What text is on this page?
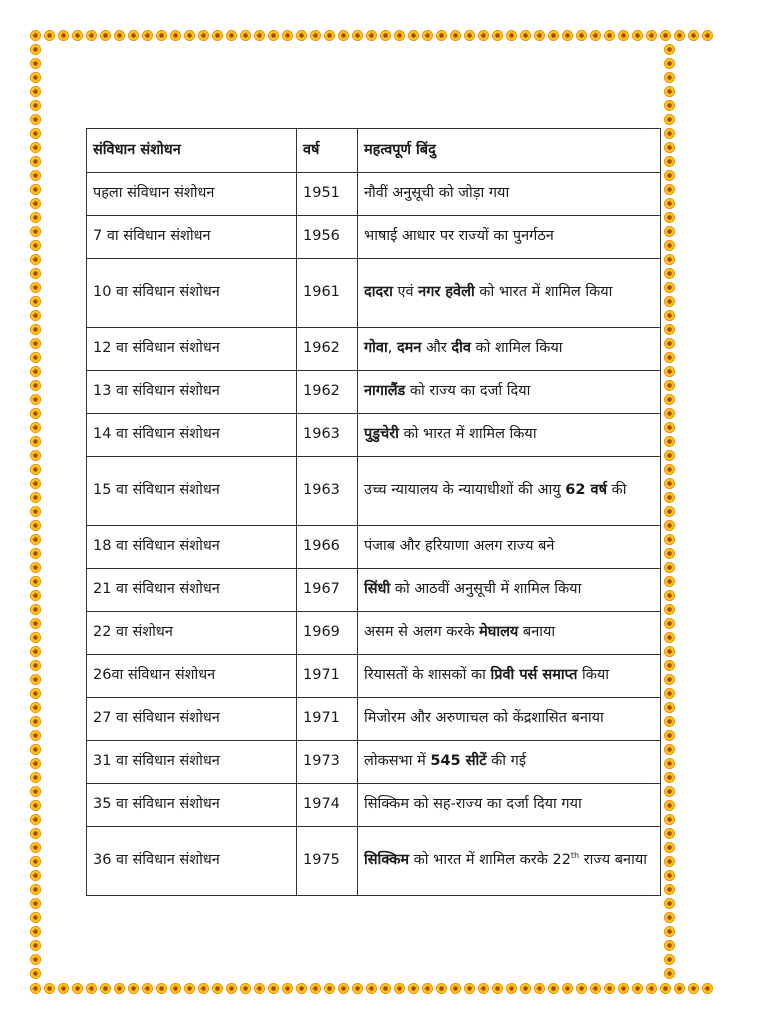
संविधान संशोधन	वर्ष	महत्वपूर्ण बिंदु
पहला संविधान संशोधन	1951	नौवीं अनुसूची को जोड़ा गया
7 वा संविधान संशोधन	1956	भाषाई आधार पर राज्यों का पुनर्गठन
10 वा संविधान संशोधन	1961	दादरा एवं नगर हवेली को भारत में शामिल किया
12 वा संविधान संशोधन	1962	गोवा, दमन और दीव को शामिल किया
13 वा संविधान संशोधन	1962	नागालैंड को राज्य का दर्जा दिया
14 वा संविधान संशोधन	1963	पुडुचेरी को भारत में शामिल किया
15 वा संविधान संशोधन	1963	उच्च न्यायालय के न्यायाधीशों की आयु 62 वर्ष की
18 वा संविधान संशोधन	1966	पंजाब और हरियाणा अलग राज्य बने
21 वा संविधान संशोधन	1967	सिंधी को आठवीं अनुसूची में शामिल किया
22 वा संशोधन	1969	असम से अलग करके मेघालय बनाया
26वा संविधान संशोधन	1971	रियासतों के शासकों का प्रिवी पर्स समाप्त किया
27 वा संविधान संशोधन	1971	मिजोरम और अरुणाचल को केंद्रशासित बनाया
31 वा संविधान संशोधन	1973	लोकसभा में 545 सीटें की गई
35 वा संविधान संशोधन	1974	सिक्किम को सह-राज्य का दर्जा दिया गया
36 वा संविधान संशोधन	1975	सिक्किम को भारत में शामिल करके 22th राज्य बनाया
